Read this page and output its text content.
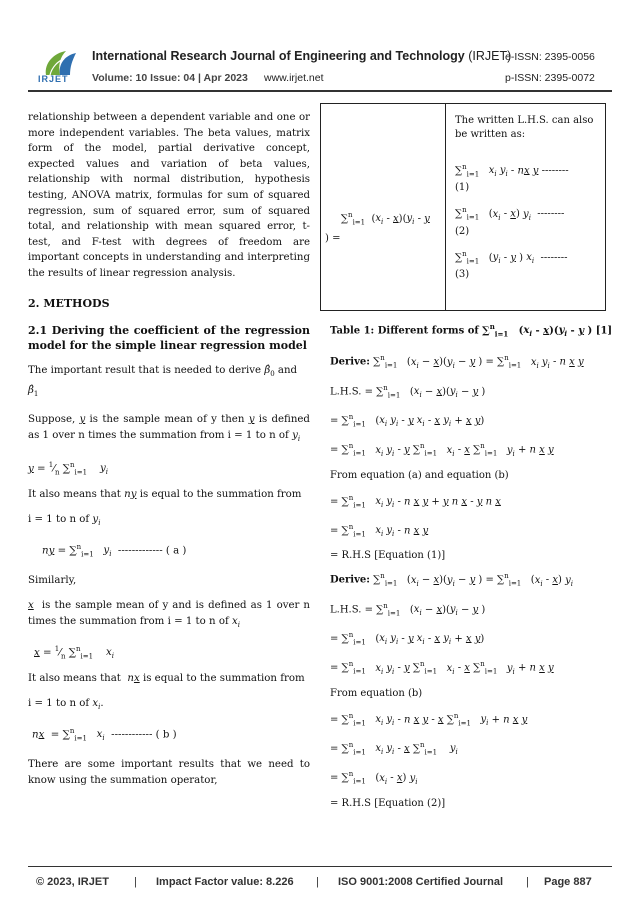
IRJET
International Research Journal of Engineering and Technology (IRJET)
e-ISSN: 2395-0056
Volume: 10 Issue: 04 | Apr 2023 www.irjet.net	p-ISSN: 2395-0072

relationship between a dependent variable and one or more independent variables. The beta values, matrix form of the model, partial derivative concept, expected values and variation of beta values, relationship with normal distribution, hypothesis testing, ANOVA matrix, formulas for sum of squared regression, sum of squared error, sum of squared total, and relationship with mean squared error, t-test, and F-test with degrees of freedom are important concepts in understanding and interpreting the results of linear regression analysis.

2. METHODS

2.1 Deriving the coefficient of the regression model for the simple linear regression model

The important result that is needed to derive $\betâ_0$ and $\betâ_1$

Suppose, y is the sample mean of y then y is defined as 1 over n times the summation from i = 1 to n of $y_i$

$y = ^1⁄_n$ ∑$^n_{i=1}$ $y_i$

It also means that ny is equal to the summation from

i = 1 to n of $y_i$

ny = ∑$^n_{i=1}$ $y_i$ ------------- ( a )

Similarly,

x is the sample mean of y and is defined as 1 over n times the summation from i = 1 to n of $x_i$

$x = ^1⁄_n$ ∑$^n_{i=1}$ $x_i$

It also means that nx is equal to the summation from

i = 1 to n of $x_i$.

nx  = ∑$^n_{i=1}$ $x_i$ ------------ ( b )

There are some important results that we need to know using the summation operator,

∑$^n_{i=1}$  $(x_i - x)(y_i$ - y
) =

The written L.H.S. can also be written as:

∑$^n_{i=1}$ $x_i$ $y_i$ - nx y --------

(1)

∑$^n_{i=1}$   $(x_i - x)$ $y_i$ --------

(2)

∑$^n_{i=1}$   ($y_i$ - y ) $x_i$ --------

(3)

Table 1: Different forms of ∑$^n_{i=1}$   $(x_i - x)(y_i$ - y ) [1]

Derive: ∑$^n_{i=1}$   $(x_i - x)(y_i - y$ ) = ∑$^n_{i=1}$ $x_i$ $y_i$ - n x y

L.H.S. = ∑$^n_{i=1}$   $(x_i - x)(y_i - y$ )

= ∑$^n_{i=1}$   ($x_i$ $y_i$ - y $x_i$ - x $y_i + x$ y)

= ∑$^n_{i=1}$ $x_i$ $y_i$ - y ∑$^n_{i=1}$ $x_i$ - x ∑$^n_{i=1}$ $y_i + n$ x y

From equation (a) and equation (b)

= ∑$^n_{i=1}$ $x_i$ $y_i$ - n x y + y n x - y n x

= ∑$^n_{i=1}$ $x_i$ $y_i$ - n x y

= R.H.S [Equation (1)]

Derive: ∑$^n_{i=1}$   $(x_i - x)(y_i - y$ ) = ∑$^n_{i=1}$   $(x_i - x)$ $y_i$

L.H.S. = ∑$^n_{i=1}$   $(x_i - x)(y_i - y$ )

= ∑$^n_{i=1}$   ($x_i$ $y_i$ - y $x_i$ - x $y_i + x$ y)

= ∑$^n_{i=1}$ $x_i$ $y_i$ - y ∑$^n_{i=1}$ $x_i$ - x ∑$^n_{i=1}$ $y_i + n$ x y

From equation (b)

= ∑$^n_{i=1}$ $x_i$ $y_i$ - n x y - x ∑$^n_{i=1}$ $y_i + n$ x y

= ∑$^n_{i=1}$ $x_i$ $y_i$ - x ∑$^n_{i=1}$ $y_i$

= ∑$^n_{i=1}$   $(x_i - x)$ $y_i$

= R.H.S [Equation (2)]

© 2023, IRJET | Impact Factor value: 8.226 | ISO 9001:2008 Certified Journal | Page 887
